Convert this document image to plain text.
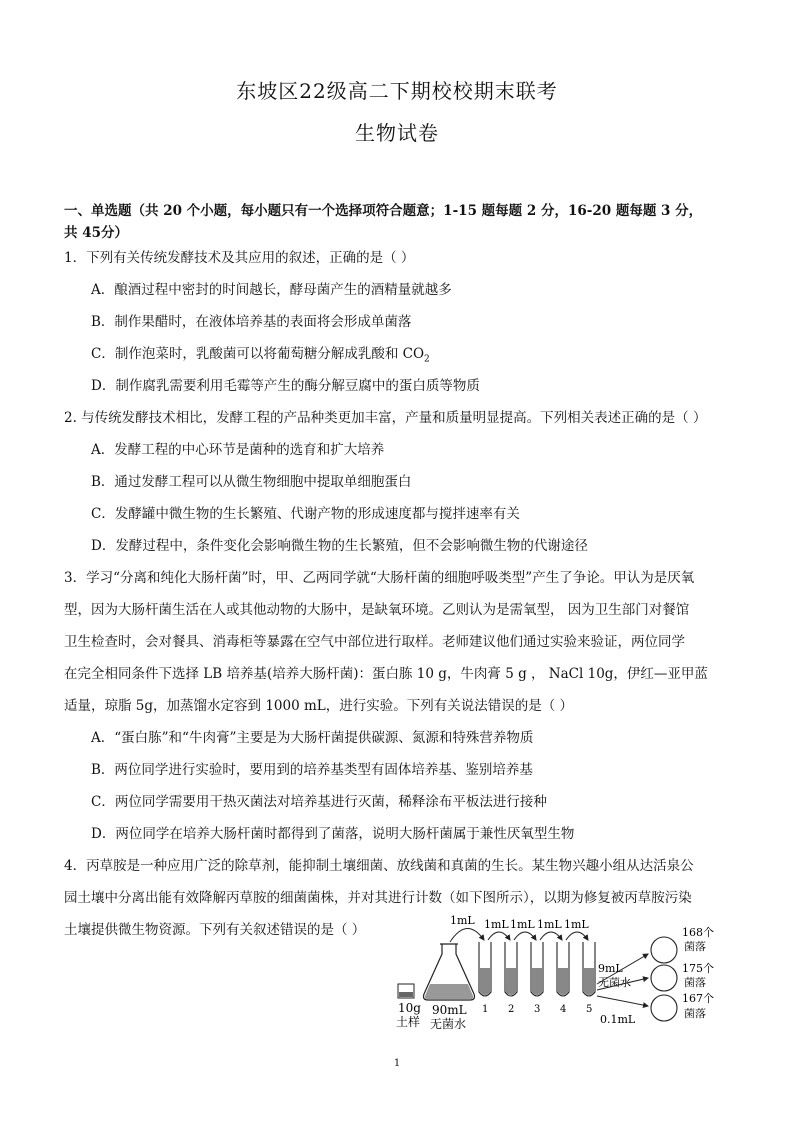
东坡区22级高二下期校校期末联考
生物试卷
一、单选题（共 20 个小题，每小题只有一个选择项符合题意；1-15 题每题 2 分，16-20 题每题 3 分，
共 45分）
1．下列有关传统发酵技术及其应用的叙述，正确的是（ ）
A．酿酒过程中密封的时间越长，酵母菌产生的酒精量就越多
B．制作果醋时，在液体培养基的表面将会形成单菌落
C．制作泡菜时，乳酸菌可以将葡萄糖分解成乳酸和 $CO_2$
D．制作腐乳需要利用毛霉等产生的酶分解豆腐中的蛋白质等物质
2. 与传统发酵技术相比，发酵工程的产品种类更加丰富，产量和质量明显提高。下列相关表述正确的是（ ）
A．发酵工程的中心环节是菌种的选育和扩大培养
B．通过发酵工程可以从微生物细胞中提取单细胞蛋白
C．发酵罐中微生物的生长繁殖、代谢产物的形成速度都与搅拌速率有关
D．发酵过程中，条件变化会影响微生物的生长繁殖，但不会影响微生物的代谢途径
3．学习“分离和纯化大肠杆菌”时，甲、乙两同学就“大肠杆菌的细胞呼吸类型”产生了争论。甲认为是厌氧
型，因为大肠杆菌生活在人或其他动物的大肠中，是缺氧环境。乙则认为是需氧型， 因为卫生部门对餐馆
卫生检查时，会对餐具、消毒柜等暴露在空气中部位进行取样。老师建议他们通过实验来验证，两位同学
在完全相同条件下选择 LB 培养基(培养大肠杆菌)：蛋白胨 10 g，牛肉膏 5 g ， NaCl 10g，伊红—亚甲蓝
适量，琼脂 5g，加蒸馏水定容到 1000 mL，进行实验。下列有关说法错误的是（ ）
A．“蛋白胨”和“牛肉膏”主要是为大肠杆菌提供碳源、氮源和特殊营养物质
B．两位同学进行实验时，要用到的培养基类型有固体培养基、鉴别培养基
C．两位同学需要用干热灭菌法对培养基进行灭菌，稀释涂布平板法进行接种
D．两位同学在培养大肠杆菌时都得到了菌落，说明大肠杆菌属于兼性厌氧型生物
4．丙草胺是一种应用广泛的除草剂，能抑制土壤细菌、放线菌和真菌的生长。某生物兴趣小组从达活泉公
园土壤中分离出能有效降解丙草胺的细菌菌株，并对其进行计数（如下图所示），以期为修复被丙草胺污染
土壤提供微生物资源。下列有关叙述错误的是（ ）
10g
土样
90mL
无菌水
1mL 1mL 1mL 1mL 1mL
1 2 3 4 5
9mL
无菌水
0.1mL
168个
菌落
175个
菌落
167个
菌落
1
